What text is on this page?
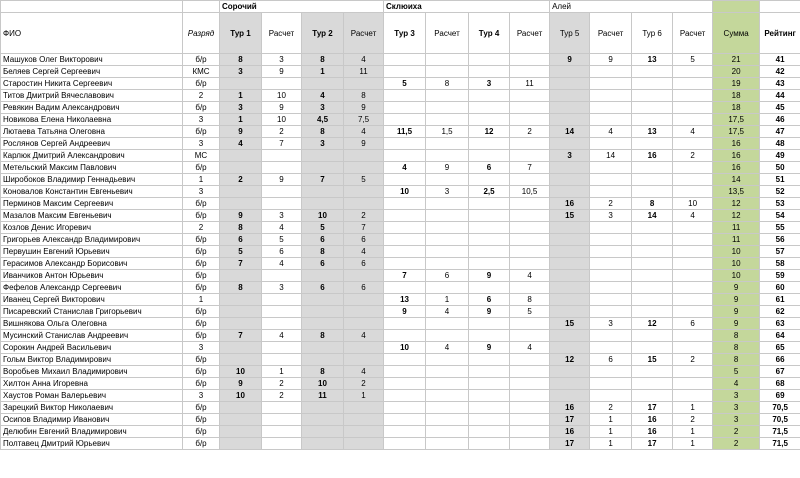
		Сорочий				Склюиха				Алей					
ФИО	Разряд	Тур 1	Расчет	Тур 2	Расчет	Тур 3	Расчет	Тур 4	Расчет	Тур 5	Расчет	Тур 6	Расчет	Сумма	Рейтинг
Машуков Олег Викторович	б/р	8	3	8	4					9	9	13	5	21	41
Беляев Сергей Сергеевич	КМС	3	9	1	11									20	42
Старостин Никита Сергеевич	б/р					5	8	3	11					19	43
Титов Дмитрий Вячеславович	2	1	10	4	8									18	44
Ревякин Вадим Александрович	б/р	3	9	3	9									18	45
Новикова Елена Николаевна	3	1	10	4,5	7,5									17,5	46
Лютаева Татьяна Олеговна	б/р	9	2	8	4	11,5	1,5	12	2	14	4	13	4	17,5	47
Рослянов Сергей Андреевич	3	4	7	3	9									16	48
Карлюк Дмитрий Александрович	МС									3	14	16	2	16	49
Метельский Максим Павлович	б/р					4	9	6	7					16	50
Широбоков Владимир Геннадьевич	1	2	9	7	5									14	51
Коновалов Константин Евгеньевич	3					10	3	2,5	10,5					13,5	52
Перминов Максим Сергеевич	б/р									16	2	8	10	12	53
Мазалов Максим Евгеньевич	б/р	9	3	10	2					15	3	14	4	12	54
Козлов Денис Игоревич	2	8	4	5	7									11	55
Григорьев Александр Владимирович	б/р	6	5	6	6									11	56
Первушин Евгений Юрьевич	б/р	5	6	8	4									10	57
Герасимов Александр Борисович	б/р	7	4	6	6									10	58
Иванчиков Антон Юрьевич	б/р					7	6	9	4					10	59
Фефелов Александр Сергеевич	б/р	8	3	6	6									9	60
Иванец Сергей Викторович	1					13	1	6	8					9	61
Писаревский Станислав Григорьевич	б/р					9	4	9	5					9	62
Вишнякова Ольга Олеговна	б/р									15	3	12	6	9	63
Мусинский Станислав Андреевич	б/р	7	4	8	4									8	64
Сорокин Андрей Васильевич	3					10	4	9	4					8	65
Гольм Виктор Владимирович	б/р									12	6	15	2	8	66
Воробьев Михаил Владимирович	б/р	10	1	8	4									5	67
Хилтон Анна Игоревна	б/р	9	2	10	2									4	68
Хаустов Роман Валерьевич	3	10	2	11	1									3	69
Зарецкий Виктор Николаевич	б/р									16	2	17	1	3	70,5
Осипов Владимир Иванович	б/р									17	1	16	2	3	70,5
Делюбин Евгений Владимирович	б/р									16	1	16	1	2	71,5
Полтавец Дмитрий Юрьевич	б/р									17	1	17	1	2	71,5
